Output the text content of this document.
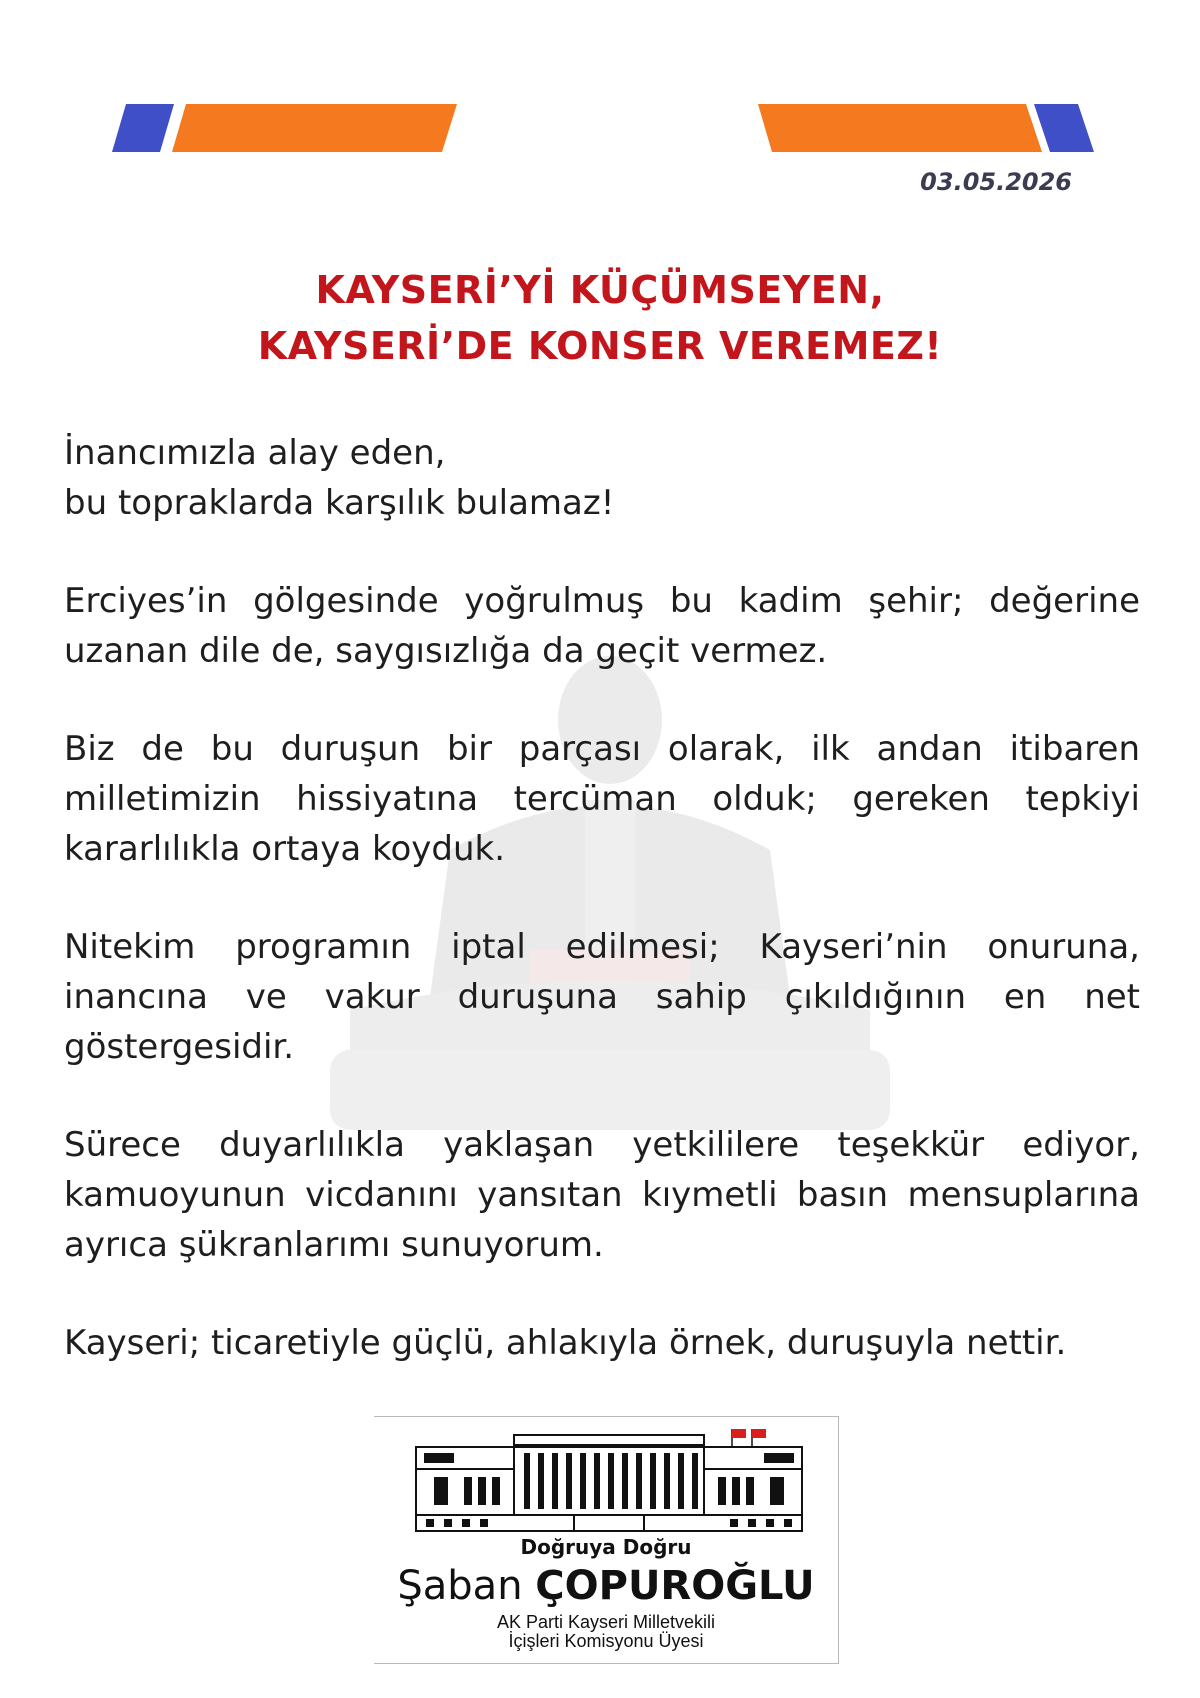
03.05.2026
KAYSERİ’Yİ KÜÇÜMSEYEN,
KAYSERİ’DE KONSER VEREMEZ!

İnancımızla alay eden,
bu topraklarda karşılık bulamaz!

Erciyes’in gölgesinde yoğrulmuş bu kadim şehir; değerine uzanan dile de, saygısızlığa da geçit vermez.

Biz de bu duruşun bir parçası olarak, ilk andan itibaren milletimizin hissiyatına tercüman olduk; gereken tepkiyi kararlılıkla ortaya koyduk.

Nitekim programın iptal edilmesi; Kayseri’nin onuruna, inancına ve vakur duruşuna sahip çıkıldığının en net göstergesidir.

Sürece duyarlılıkla yaklaşan yetkililere teşekkür ediyor, kamuoyunun vicdanını yansıtan kıymetli basın mensuplarına ayrıca şükranlarımı sunuyorum.

Kayseri; ticaretiyle güçlü, ahlakıyla örnek, duruşuyla nettir.

Doğruya Doğru
Şaban ÇOPUROĞLU
AK Parti Kayseri Milletvekili
İçişleri Komisyonu Üyesi
